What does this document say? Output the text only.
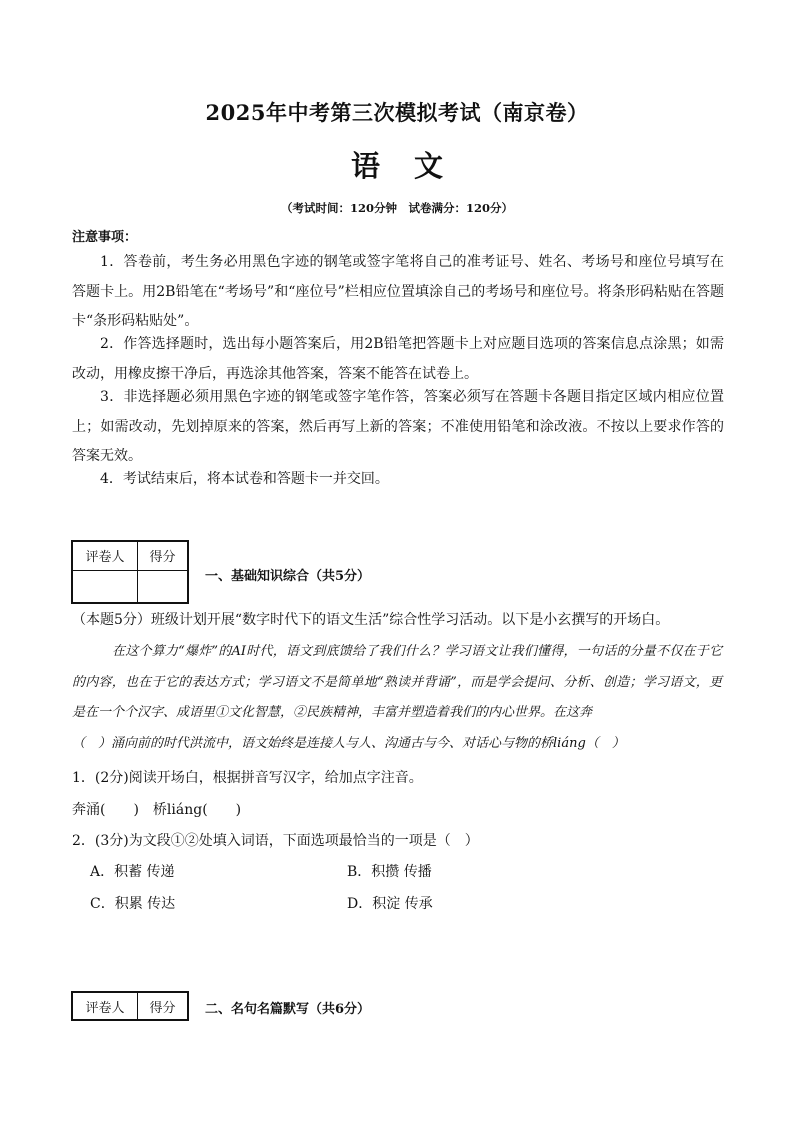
2025年中考第三次模拟考试（南京卷）
语文
（考试时间：120分钟　试卷满分：120分）
注意事项：
1．答卷前，考生务必用黑色字迹的钢笔或签字笔将自己的准考证号、姓名、考场号和座位号填写在答题卡上。用2B铅笔在“考场号”和“座位号”栏相应位置填涂自己的考场号和座位号。将条形码粘贴在答题卡“条形码粘贴处”。
2．作答选择题时，选出每小题答案后，用2B铅笔把答题卡上对应题目选项的答案信息点涂黑；如需改动，用橡皮擦干净后，再选涂其他答案，答案不能答在试卷上。
3．非选择题必须用黑色字迹的钢笔或签字笔作答，答案必须写在答题卡各题目指定区域内相应位置上；如需改动，先划掉原来的答案，然后再写上新的答案；不准使用铅笔和涂改液。不按以上要求作答的答案无效。
4．考试结束后，将本试卷和答题卡一并交回。
评卷人	得分

一、基础知识综合（共5分）
（本题5分）班级计划开展“数字时代下的语文生活”综合性学习活动。以下是小玄撰写的开场白。
在这个算力“爆炸”的AI时代，语文到底馈给了我们什么？学习语文让我们懂得，一句话的分量不仅在于它的内容，也在于它的表达方式；学习语文不是简单地“熟读并背诵”，而是学会提问、分析、创造；学习语文，更是在一个个汉字、成语里①文化智慧，②民族精神，丰富并塑造着我们的内心世界。在这奔
（　）涌向前的时代洪流中，语文始终是连接人与人、沟通古与今、对话心与物的桥liáng（　）
1．(2分)阅读开场白，根据拼音写汉字，给加点字注音。
奔涌(　　)　桥liáng(　　)
2．(3分)为文段①②处填入词语，下面选项最恰当的一项是（　）
A．积蓄 传递	B．积攒 传播
C．积累 传达	D．积淀 传承
评卷人	得分 二、名句名篇默写（共6分）
